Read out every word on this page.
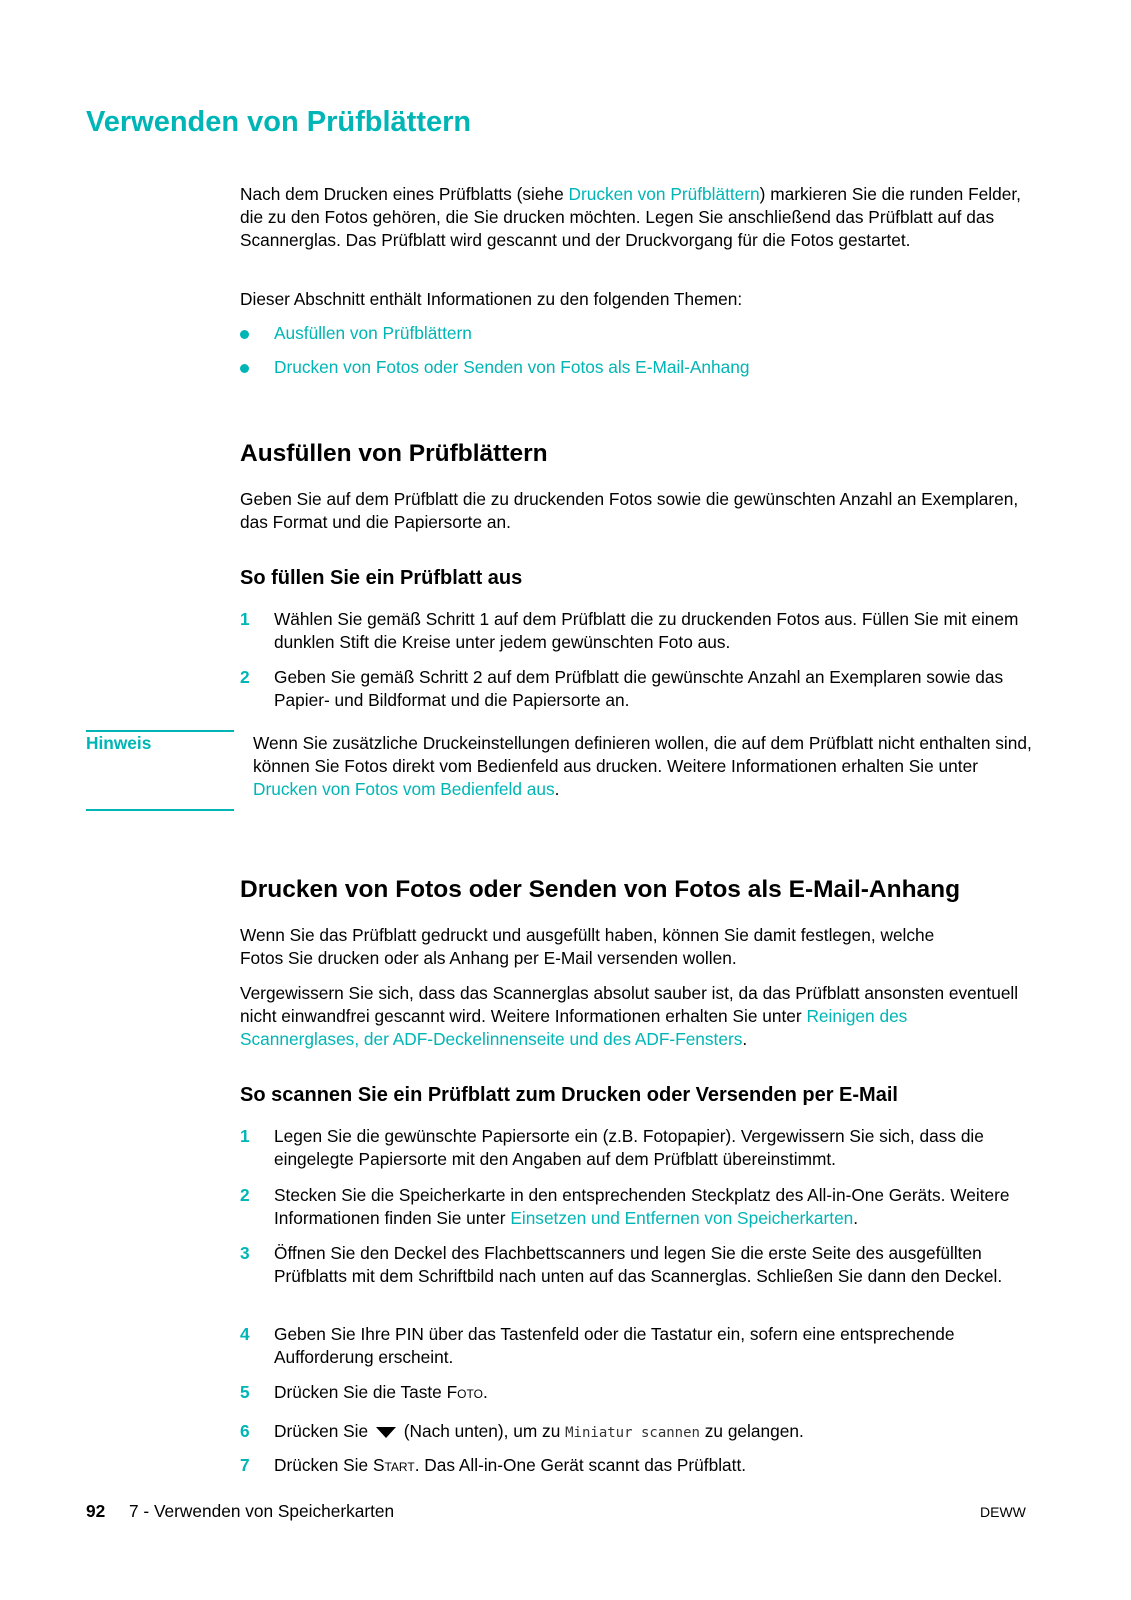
Verwenden von Prüfblättern

Nach dem Drucken eines Prüfblatts (siehe Drucken von Prüfblättern) markieren Sie die runden Felder, die zu den Fotos gehören, die Sie drucken möchten. Legen Sie anschließend das Prüfblatt auf das Scannerglas. Das Prüfblatt wird gescannt und der Druckvorgang für die Fotos gestartet.

Dieser Abschnitt enthält Informationen zu den folgenden Themen:

Ausfüllen von Prüfblättern
Drucken von Fotos oder Senden von Fotos als E-Mail-Anhang
Ausfüllen von Prüfblättern

Geben Sie auf dem Prüfblatt die zu druckenden Fotos sowie die gewünschten Anzahl an Exemplaren, das Format und die Papiersorte an.

So füllen Sie ein Prüfblatt aus
1	Wählen Sie gemäß Schritt 1 auf dem Prüfblatt die zu druckenden Fotos aus. Füllen Sie mit einem dunklen Stift die Kreise unter jedem gewünschten Foto aus.
2	Geben Sie gemäß Schritt 2 auf dem Prüfblatt die gewünschte Anzahl an Exemplaren sowie das Papier- und Bildformat und die Papiersorte an.
Drucken von Fotos oder Senden von Fotos als E-Mail-Anhang

Wenn Sie das Prüfblatt gedruckt und ausgefüllt haben, können Sie damit festlegen, welche Fotos Sie drucken oder als Anhang per E-Mail versenden wollen.

Vergewissern Sie sich, dass das Scannerglas absolut sauber ist, da das Prüfblatt ansonsten eventuell nicht einwandfrei gescannt wird. Weitere Informationen erhalten Sie unter Reinigen des Scannerglases, der ADF-Deckelinnenseite und des ADF-Fensters.

So scannen Sie ein Prüfblatt zum Drucken oder Versenden per E-Mail
1	Legen Sie die gewünschte Papiersorte ein (z.B. Fotopapier). Vergewissern Sie sich, dass die eingelegte Papiersorte mit den Angaben auf dem Prüfblatt übereinstimmt.
2	Stecken Sie die Speicherkarte in den entsprechenden Steckplatz des All-in-One Geräts. Weitere Informationen finden Sie unter Einsetzen und Entfernen von Speicherkarten.
3	Öffnen Sie den Deckel des Flachbettscanners und legen Sie die erste Seite des ausgefüllten Prüfblatts mit dem Schriftbild nach unten auf das Scannerglas. Schließen Sie dann den Deckel.
4	Geben Sie Ihre PIN über das Tastenfeld oder die Tastatur ein, sofern eine entsprechende Aufforderung erscheint.
5	Drücken Sie die Taste Foto.
6	Drücken Sie  (Nach unten), um zu Miniatur scannen zu gelangen.
7	Drücken Sie Start. Das All-in-One Gerät scannt das Prüfblatt.
Hinweis	Wenn Sie zusätzliche Druckeinstellungen definieren wollen, die auf dem Prüfblatt nicht enthalten sind, können Sie Fotos direkt vom Bedienfeld aus drucken. Weitere Informationen erhalten Sie unter Drucken von Fotos vom Bedienfeld aus.
92 7 - Verwenden von Speicherkarten	DEWW
